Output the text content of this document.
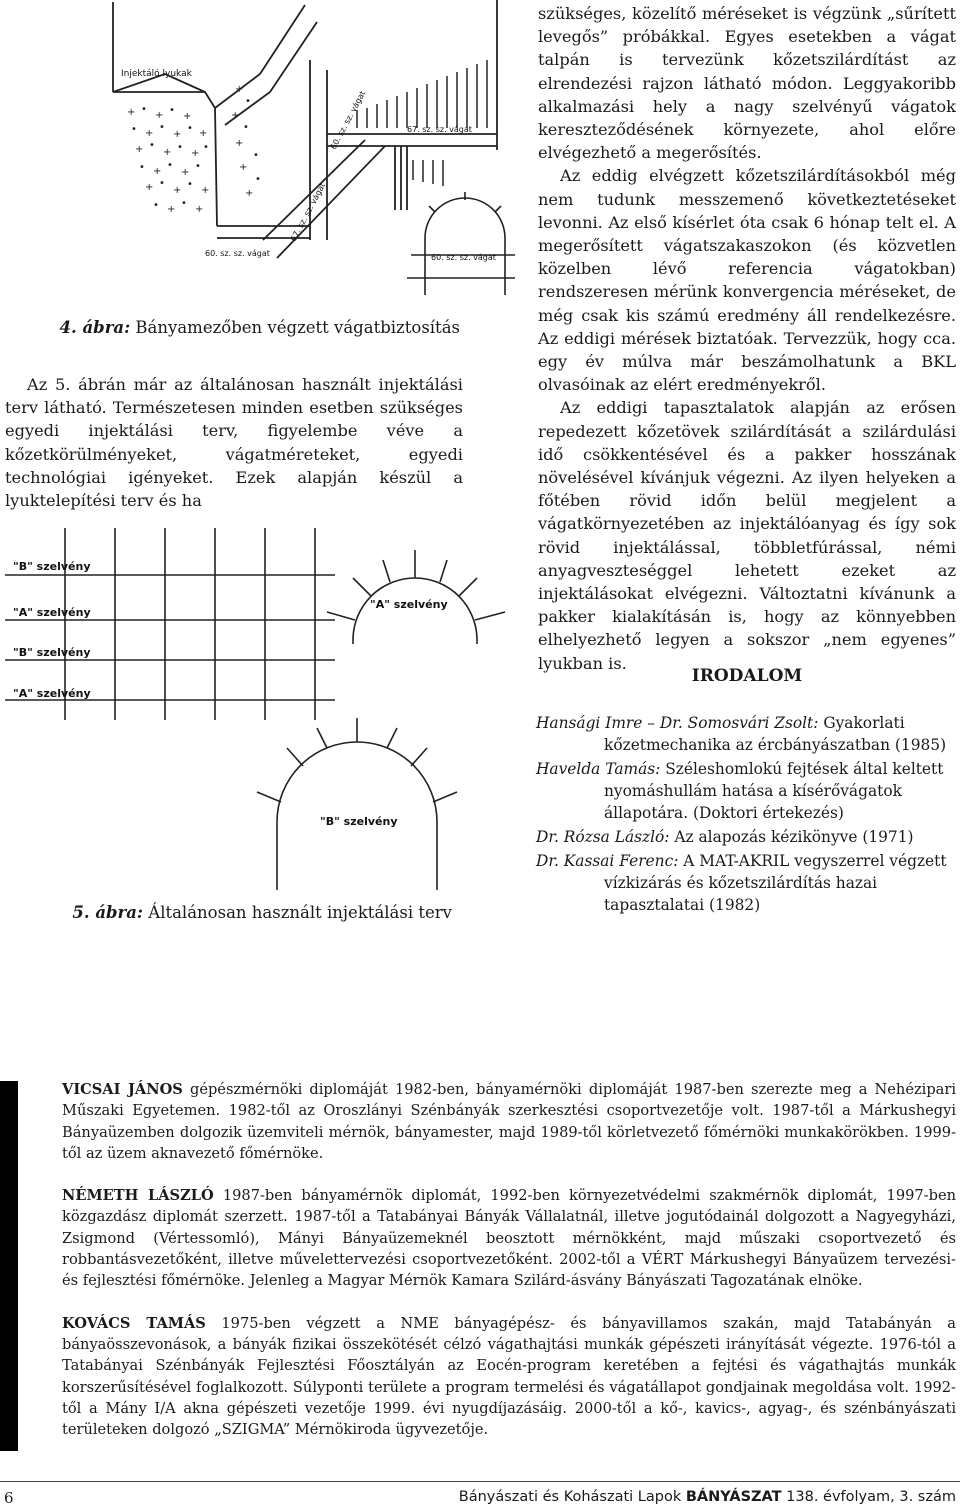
+ •
+ •
+
• +
•
+
• +
+ •
+ •
+
•
• +
•
+
•
+ •
+
•
+
• +
•
+
+
•
+
•
+
•
+
•
+
Injektáló lyukak
67. sz. sz. vágat
60. sz. sz. vágat
67. sz. sz. vágat
60. sz. sz. vágat
60. sz. sz. vágat
4. ábra: Bányamezőben végzett vágatbiztosítás

Az 5. ábrán már az általánosan használt injektálási terv látható. Természetesen minden esetben szükséges egyedi injektálási terv, figyelembe véve a kőzetkörülményeket, vágatméreteket, egyedi technológiai igényeket. Ezek alapján készül a lyuktelepítési terv és ha

"B" szelvény
"A" szelvény
"B" szelvény
"A" szelvény
"A" szelvény
"B" szelvény
5. ábra: Általánosan használt injektálási terv

szükséges, közelítő méréseket is végzünk „sűrített levegős” próbákkal. Egyes esetekben a vágat talpán is tervezünk kőzetszilárdítást az elrendezési rajzon látható módon. Leggyakoribb alkalmazási hely a nagy szelvényű vágatok kereszteződésének környezete, ahol előre elvégezhető a megerősítés.

Az eddig elvégzett kőzetszilárdításokból még nem tudunk messzemenő következtetéseket levonni. Az első kísérlet óta csak 6 hónap telt el. A megerősített vágatszakaszokon (és közvetlen közelben lévő referencia vágatokban) rendszeresen mérünk konvergencia méréseket, de még csak kis számú eredmény áll rendelkezésre. Az eddigi mérések biztatóak. Tervezzük, hogy cca. egy év múlva már beszámolhatunk a BKL olvasóinak az elért eredményekről.

Az eddigi tapasztalatok alapján az erősen repedezett kőzetövek szilárdítását a szilárdulási idő csökkentésével és a pakker hosszának növelésével kívánjuk végezni. Az ilyen helyeken a főtében rövid időn belül megjelent a vágatkörnyezetében az injektálóanyag és így sok rövid injektálással, többletfúrással, némi anyagveszteséggel lehetett ezeket az injektálásokat elvégezni. Változtatni kívánunk a pakker kialakításán is, hogy az könnyebben elhelyezhető legyen a sokszor „nem egyenes” lyukban is.

IRODALOM

Hansági Imre – Dr. Somosvári Zsolt: Gyakorlati kőzetmechanika az ércbányászatban (1985)

Havelda Tamás: Széleshomlokú fejtések által keltett nyomáshullám hatása a kísérővágatok állapotára. (Doktori értekezés)

Dr. Rózsa László: Az alapozás kézikönyve (1971)

Dr. Kassai Ferenc: A MAT-AKRIL vegyszerrel végzett vízkizárás és kőzetszilárdítás hazai tapasztalatai (1982)

VICSAI JÁNOS gépészmérnöki diplomáját 1982-ben, bányamérnöki diplomáját 1987-ben szerezte meg a Nehézipari Műszaki Egyetemen. 1982-től az Oroszlányi Szénbányák szerkesztési csoportvezetője volt. 1987-től a Márkushegyi Bányaüzemben dolgozik üzemviteli mérnök, bányamester, majd 1989-től körletvezető főmérnöki munkakörökben. 1999-től az üzem aknavezető főmérnöke.

NÉMETH LÁSZLÓ 1987-ben bányamérnök diplomát, 1992-ben környezetvédelmi szakmérnök diplomát, 1997-ben közgazdász diplomát szerzett. 1987-től a Tatabányai Bányák Vállalatnál, illetve jogutódainál dolgozott a Nagyegyházi, Zsigmond (Vértessomló), Mányi Bányaüzemeknél beosztott mérnökként, majd műszaki csoportvezető és robbantásvezetőként, illetve művelettervezési csoportvezetőként. 2002-től a VÉRT Márkushegyi Bányaüzem tervezési- és fejlesztési főmérnöke. Jelenleg a Magyar Mérnök Kamara Szilárd-ásvány Bányászati Tagozatának elnöke.

KOVÁCS TAMÁS 1975-ben végzett a NME bányagépész- és bányavillamos szakán, majd Tatabányán a bányaösszevonások, a bányák fizikai összekötését célzó vágathajtási munkák gépészeti irányítását végezte. 1976-tól a Tatabányai Szénbányák Fejlesztési Főosztályán az Eocén-program keretében a fejtési és vágathajtás munkák korszerűsítésével foglalkozott. Súlyponti területe a program termelési és vágatállapot gondjainak megoldása volt. 1992-től a Mány I/A akna gépészeti vezetője 1999. évi nyugdíjazásáig. 2000-től a kő-, kavics-, agyag-, és szénbányászati területeken dolgozó „SZIGMA” Mérnökiroda ügyvezetője.

6	Bányászati és Kohászati Lapok BÁNYÁSZAT 138. évfolyam, 3. szám
